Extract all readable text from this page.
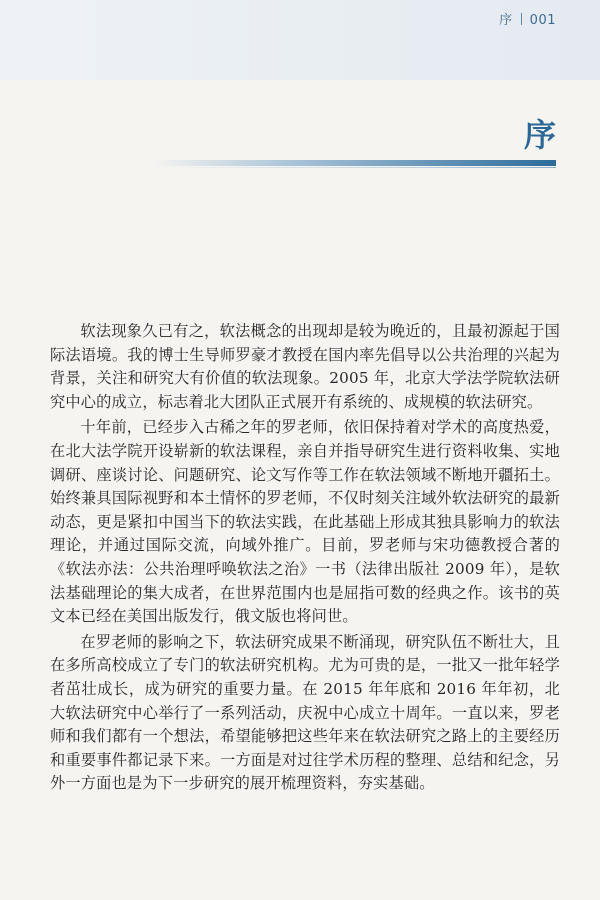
序 001
序

软法现象久已有之，软法概念的出现却是较为晚近的，且最初源起于国际法语境。我的博士生导师罗豪才教授在国内率先倡导以公共治理的兴起为背景，关注和研究大有价值的软法现象。2005 年，北京大学法学院软法研究中心的成立，标志着北大团队正式展开有系统的、成规模的软法研究。

十年前，已经步入古稀之年的罗老师，依旧保持着对学术的高度热爱，在北大法学院开设崭新的软法课程，亲自并指导研究生进行资料收集、实地调研、座谈讨论、问题研究、论文写作等工作在软法领域不断地开疆拓土。始终兼具国际视野和本土情怀的罗老师，不仅时刻关注域外软法研究的最新动态，更是紧扣中国当下的软法实践，在此基础上形成其独具影响力的软法理论，并通过国际交流，向域外推广。目前，罗老师与宋功德教授合著的《软法亦法：公共治理呼唤软法之治》一书（法律出版社 2009 年），是软法基础理论的集大成者，在世界范围内也是屈指可数的经典之作。该书的英文本已经在美国出版发行，俄文版也将问世。

在罗老师的影响之下，软法研究成果不断涌现，研究队伍不断壮大，且在多所高校成立了专门的软法研究机构。尤为可贵的是，一批又一批年轻学者茁壮成长，成为研究的重要力量。在 2015 年年底和 2016 年年初，北大软法研究中心举行了一系列活动，庆祝中心成立十周年。一直以来，罗老师和我们都有一个想法，希望能够把这些年来在软法研究之路上的主要经历和重要事件都记录下来。一方面是对过往学术历程的整理、总结和纪念，另外一方面也是为下一步研究的展开梳理资料，夯实基础。
